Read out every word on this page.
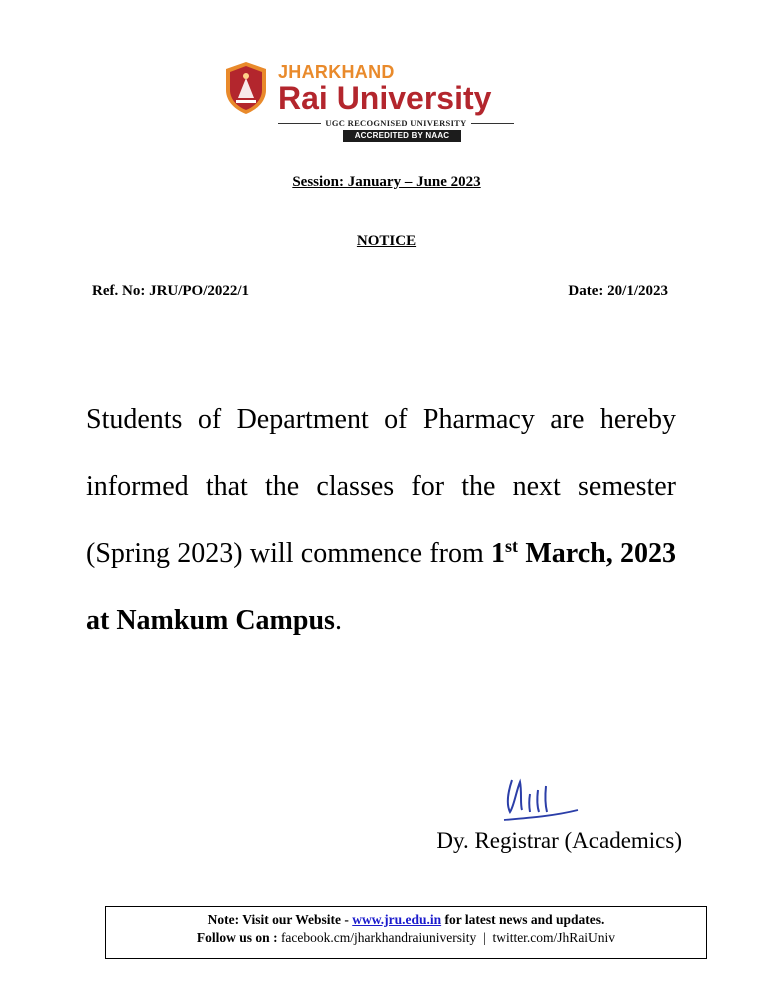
JHARKHAND
Rai University
UGC RECOGNISED UNIVERSITY
ACCREDITED BY NAAC
Session: January – June 2023
NOTICE
Ref. No: JRU/PO/2022/1	Date: 20/1/2023
Students of Department of Pharmacy are hereby informed that the classes for the next semester (Spring 2023) will commence from 1st March, 2023 at Namkum Campus.
Dy. Registrar (Academics)
Note: Visit our Website - www.jru.edu.in for latest news and updates.
Follow us on : facebook.cm/jharkhandraiuniversity  |  twitter.com/JhRaiUniv
